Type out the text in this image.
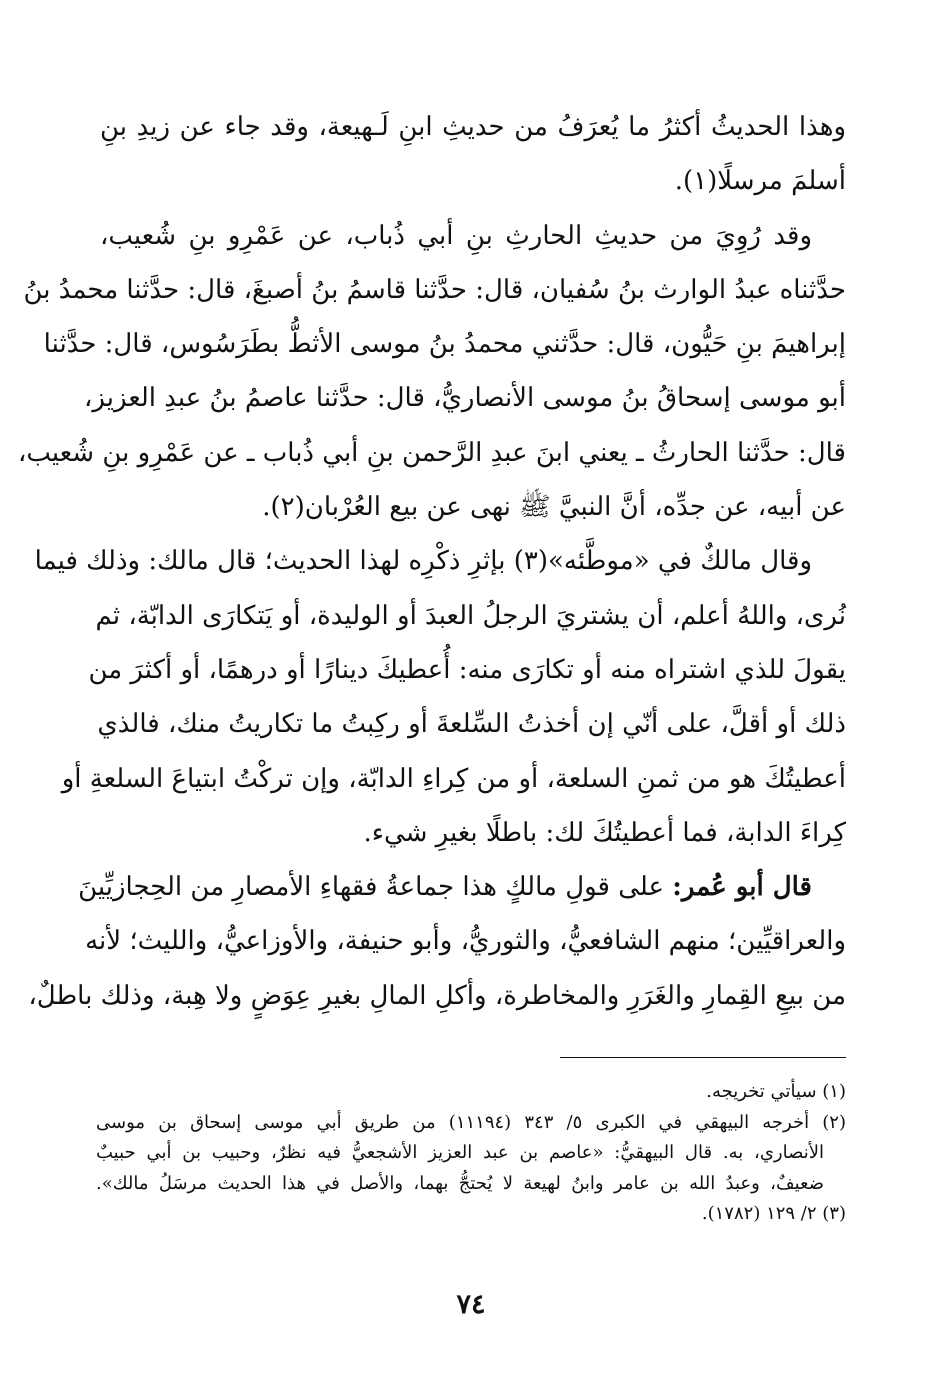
وهذا الحديثُ أكثرُ ما يُعرَفُ من حديثِ ابنِ لَـهيعة، وقد جاء عن زيدِ بنِ
أسلمَ مرسلًا(١).

وقد رُوِيَ من حديثِ الحارثِ بنِ أبي ذُباب، عن عَمْرِو بنِ شُعيب،

حدَّثناه عبدُ الوارث بنُ سُفيان، قال: حدَّثنا قاسمُ بنُ أصبغَ، قال: حدَّثنا محمدُ بنُ
إبراهيمَ بنِ حَيُّون، قال: حدَّثني محمدُ بنُ موسى الأثطُّ بطَرَسُوس، قال: حدَّثنا
أبو موسى إسحاقُ بنُ موسى الأنصاريُّ، قال: حدَّثنا عاصمُ بنُ عبدِ العزيز،
قال: حدَّثنا الحارثُ ـ يعني ابنَ عبدِ الرَّحمن بنِ أبي ذُباب ـ عن عَمْرِو بنِ شُعيب،
عن أبيه، عن جدِّه، أنَّ النبيَّ ﷺ نهى عن بيع العُرْبان(٢).

وقال مالكٌ في «موطَّئه»(٣) بإثرِ ذكْرِه لهذا الحديث؛ قال مالك: وذلك فيما

نُرى، واللهُ أعلم، أن يشتريَ الرجلُ العبدَ أو الوليدة، أو يَتكارَى الدابّة، ثم
يقولَ للذي اشتراه منه أو تكارَى منه: أُعطيكَ دينارًا أو درهمًا، أو أكثرَ من
ذلك أو أقلَّ، على أنّي إن أخذتُ السِّلعةَ أو ركِبتُ ما تكاريتُ منك، فالذي
أعطيتُكَ هو من ثمنِ السلعة، أو من كِراءِ الدابّة، وإن تركْتُ ابتياعَ السلعةِ أو
كِراءَ الدابة، فما أعطيتُكَ لك: باطلًا بغيرِ شيء.

قال أبو عُمر: على قولِ مالكٍ هذا جماعةُ فقهاءِ الأمصارِ من الحِجازيِّينَ

والعراقيِّين؛ منهم الشافعيُّ، والثوريُّ، وأبو حنيفة، والأوزاعيُّ، والليث؛ لأنه
من بيعِ القِمارِ والغَرَرِ والمخاطرة، وأكلِ المالِ بغيرِ عِوَضٍ ولا هِبة، وذلك باطلٌ،

(١) سيأتي تخريجه.
(٢) أخرجه البيهقي في الكبرى ٥/ ٣٤٣ (١١١٩٤) من طريق أبي موسى إسحاق بن موسى
الأنصاري، به. قال البيهقيُّ: «عاصم بن عبد العزيز الأشجعيُّ فيه نظرٌ، وحبيب بن أبي حبيبٌ
ضعيفٌ، وعبدُ الله بن عامر وابنُ لهيعة لا يُحتجُّ بهما، والأصل في هذا الحديث مرسَلُ مالك».
(٣) ٢/ ١٢٩ (١٧٨٢).
٧٤
